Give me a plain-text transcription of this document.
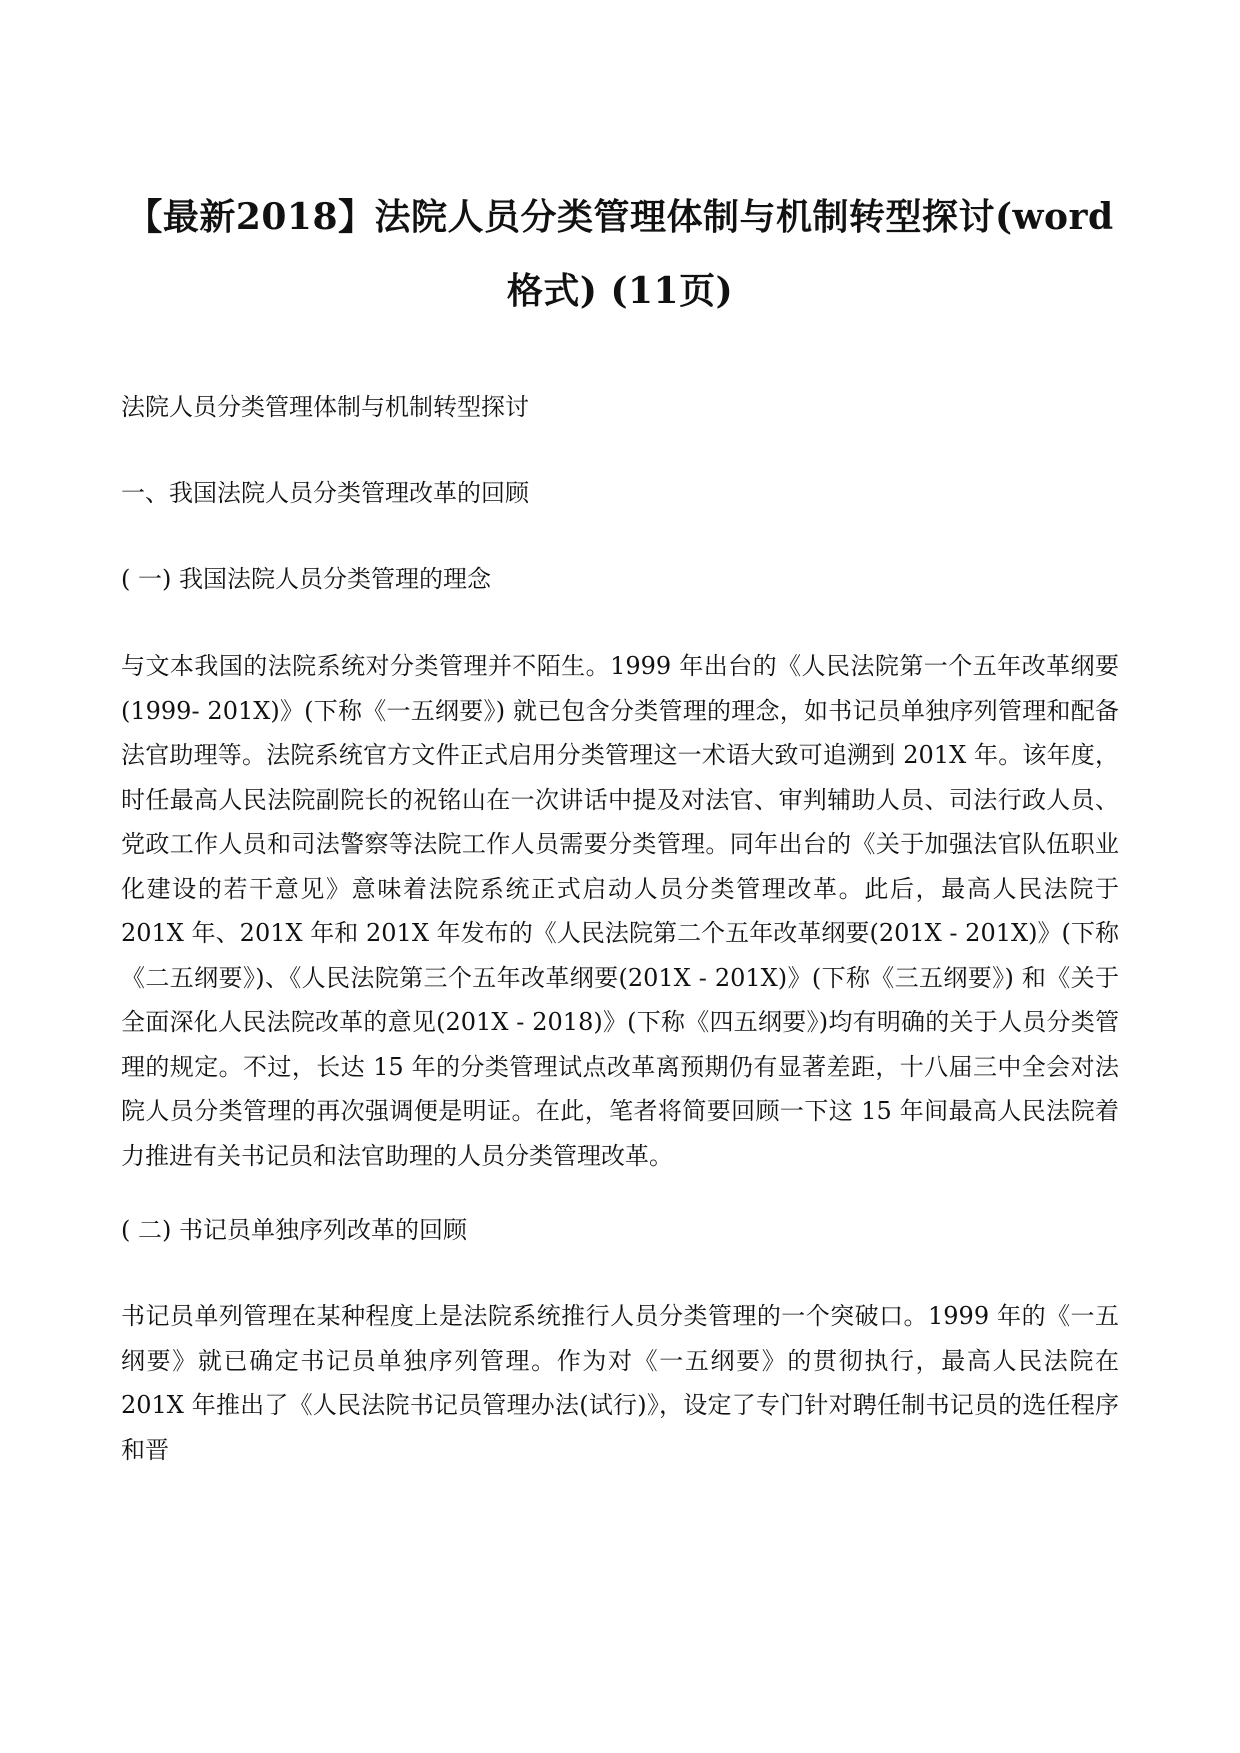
【最新2018】法院人员分类管理体制与机制转型探讨(word格式) (11页)

法院人员分类管理体制与机制转型探讨

一、我国法院人员分类管理改革的回顾

( 一) 我国法院人员分类管理的理念

与文本我国的法院系统对分类管理并不陌生。1999 年出台的《人民法院第一个五年改革纲要(1999- 201X)》(下称《一五纲要》) 就已包含分类管理的理念，如书记员单独序列管理和配备法官助理等。法院系统官方文件正式启用分类管理这一术语大致可追溯到 201X 年。该年度，时任最高人民法院副院长的祝铭山在一次讲话中提及对法官、审判辅助人员、司法行政人员、党政工作人员和司法警察等法院工作人员需要分类管理。同年出台的《关于加强法官队伍职业化建设的若干意见》意味着法院系统正式启动人员分类管理改革。此后，最高人民法院于 201X 年、201X 年和 201X 年发布的《人民法院第二个五年改革纲要(201X - 201X)》(下称《二五纲要》)、《人民法院第三个五年改革纲要(201X - 201X)》(下称《三五纲要》) 和《关于全面深化人民法院改革的意见(201X - 2018)》(下称《四五纲要》)均有明确的关于人员分类管理的规定。不过，长达 15 年的分类管理试点改革离预期仍有显著差距，十八届三中全会对法院人员分类管理的再次强调便是明证。在此，笔者将简要回顾一下这 15 年间最高人民法院着力推进有关书记员和法官助理的人员分类管理改革。

( 二) 书记员单独序列改革的回顾

书记员单列管理在某种程度上是法院系统推行人员分类管理的一个突破口。1999 年的《一五纲要》就已确定书记员单独序列管理。作为对《一五纲要》的贯彻执行，最高人民法院在 201X 年推出了《人民法院书记员管理办法(试行)》，设定了专门针对聘任制书记员的选任程序和晋
